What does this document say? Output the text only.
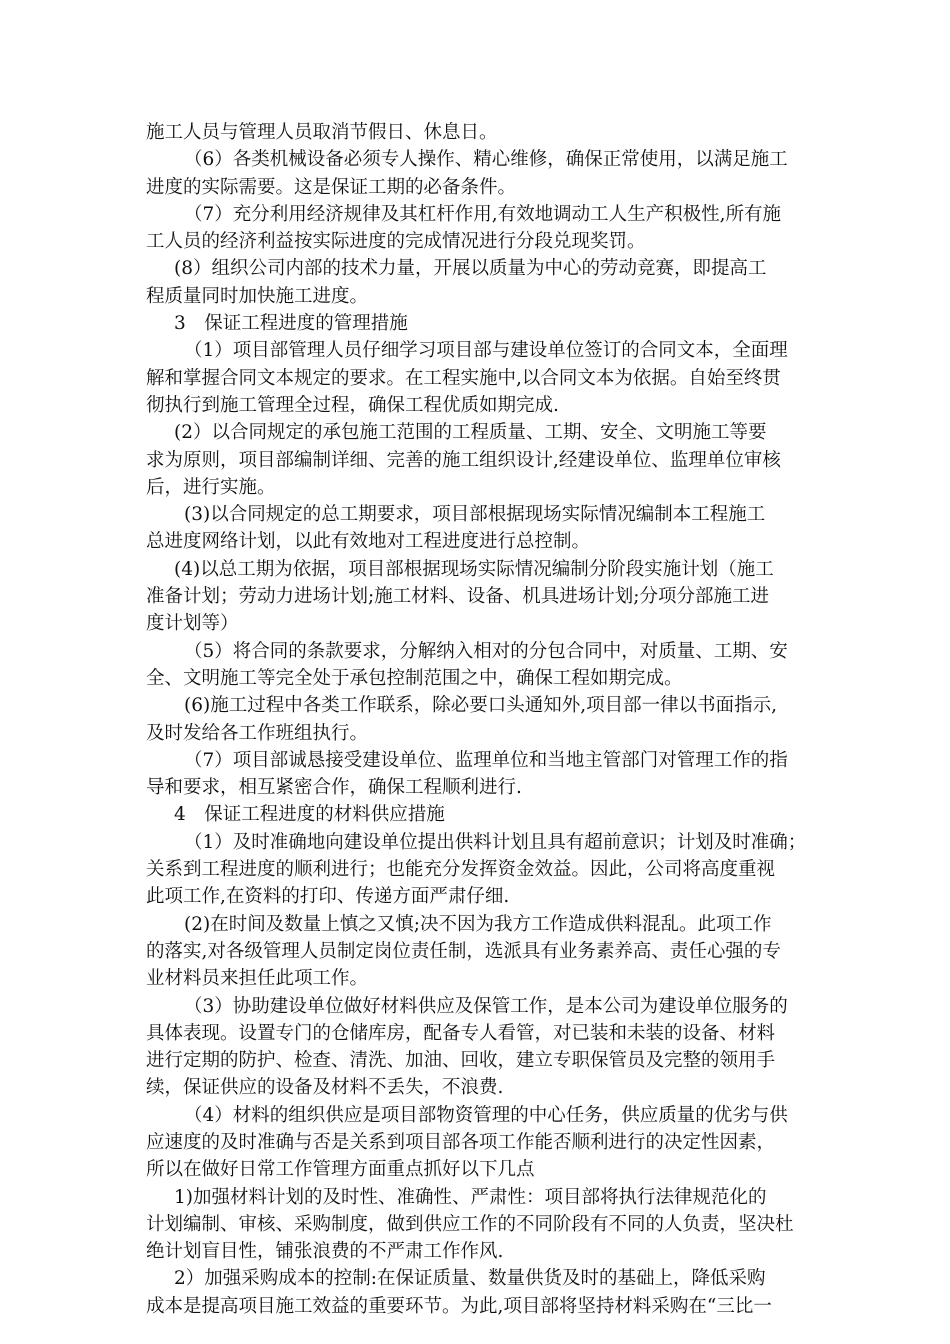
施工人员与管理人员取消节假日、休息日。
（6）各类机械设备必须专人操作、精心维修，确保正常使用，以满足施工
进度的实际需要。这是保证工期的必备条件。
（7）充分利用经济规律及其杠杆作用,有效地调动工人生产积极性,所有施
工人员的经济利益按实际进度的完成情况进行分段兑现奖罚。
(8）组织公司内部的技术力量，开展以质量为中心的劳动竞赛，即提高工
程质量同时加快施工进度。
3　保证工程进度的管理措施
（1）项目部管理人员仔细学习项目部与建设单位签订的合同文本，全面理
解和掌握合同文本规定的要求。在工程实施中,以合同文本为依据。自始至终贯
彻执行到施工管理全过程，确保工程优质如期完成.
(2）以合同规定的承包施工范围的工程质量、工期、安全、文明施工等要
求为原则，项目部编制详细、完善的施工组织设计,经建设单位、监理单位审核
后，进行实施。
(3)以合同规定的总工期要求，项目部根据现场实际情况编制本工程施工
总进度网络计划，以此有效地对工程进度进行总控制。
(4)以总工期为依据，项目部根据现场实际情况编制分阶段实施计划（施工
准备计划；劳动力进场计划;施工材料、设备、机具进场计划;分项分部施工进
度计划等）
（5）将合同的条款要求，分解纳入相对的分包合同中，对质量、工期、安
全、文明施工等完全处于承包控制范围之中，确保工程如期完成。
(6)施工过程中各类工作联系，除必要口头通知外,项目部一律以书面指示,
及时发给各工作班组执行。
（7）项目部诚恳接受建设单位、监理单位和当地主管部门对管理工作的指
导和要求，相互紧密合作，确保工程顺利进行.
4　保证工程进度的材料供应措施
（1）及时准确地向建设单位提出供料计划且具有超前意识；计划及时准确；
关系到工程进度的顺利进行；也能充分发挥资金效益。因此，公司将高度重视
此项工作,在资料的打印、传递方面严肃仔细.
(2)在时间及数量上慎之又慎;决不因为我方工作造成供料混乱。此项工作
的落实,对各级管理人员制定岗位责任制，选派具有业务素养高、责任心强的专
业材料员来担任此项工作。
（3）协助建设单位做好材料供应及保管工作，是本公司为建设单位服务的
具体表现。设置专门的仓储库房，配备专人看管，对已装和未装的设备、材料
进行定期的防护、检查、清洗、加油、回收，建立专职保管员及完整的领用手
续，保证供应的设备及材料不丢失，不浪费.
（4）材料的组织供应是项目部物资管理的中心任务，供应质量的优劣与供
应速度的及时准确与否是关系到项目部各项工作能否顺利进行的决定性因素，
所以在做好日常工作管理方面重点抓好以下几点
1)加强材料计划的及时性、准确性、严肃性：项目部将执行法律规范化的
计划编制、审核、采购制度，做到供应工作的不同阶段有不同的人负责，坚决杜
绝计划盲目性，铺张浪费的不严肃工作作风.
2）加强采购成本的控制:在保证质量、数量供货及时的基础上，降低采购
成本是提高项目施工效益的重要环节。为此,项目部将坚持材料采购在“三比一
